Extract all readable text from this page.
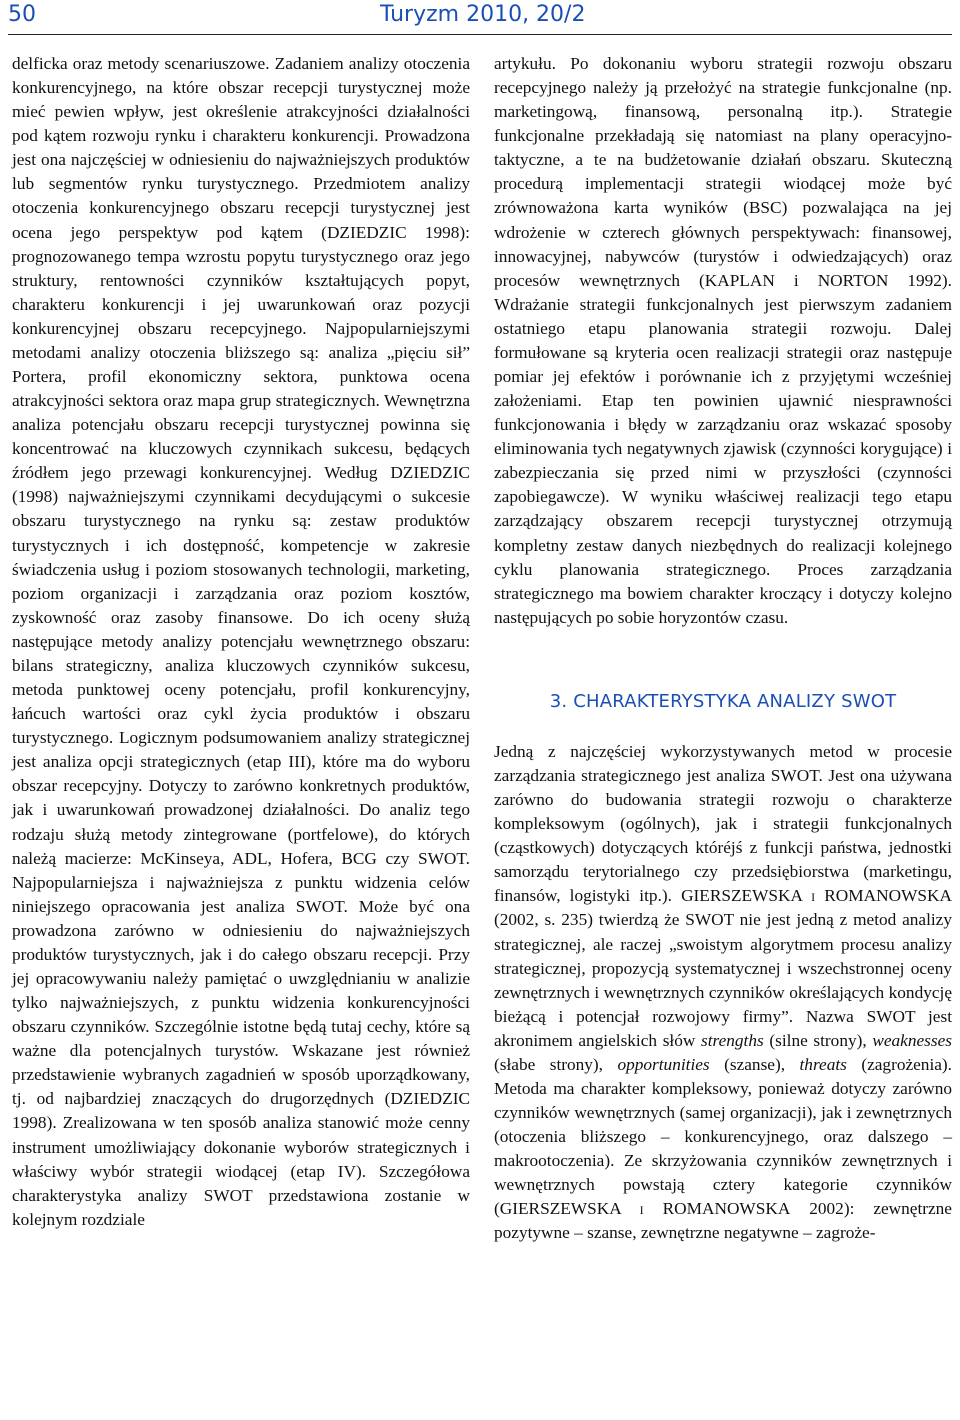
50	Turyzm 2010, 20/2

delficka oraz metody scenariuszowe. Zadaniem analizy otoczenia konkurencyjnego, na które obszar recepcji turystycznej może mieć pewien wpływ, jest określenie atrakcyjności działalności pod kątem rozwoju rynku i charakteru konkurencji. Prowadzona jest ona najczęściej w odniesieniu do najważniejszych produktów lub segmentów rynku turystycznego. Przedmiotem analizy otoczenia konkurencyjnego obszaru recepcji turystycznej jest ocena jego perspektyw pod kątem (DZIEDZIC 1998): prognozowanego tempa wzrostu popytu turystycznego oraz jego struktury, rentowności czynników kształtujących popyt, charakteru konkurencji i jej uwarunkowań oraz pozycji konkurencyjnej obszaru recepcyjnego. Najpopularniejszymi metodami analizy otoczenia bliższego są: analiza „pięciu sił” Portera, profil ekonomiczny sektora, punktowa ocena atrakcyjności sektora oraz mapa grup strategicznych. Wewnętrzna analiza potencjału obszaru recepcji turystycznej powinna się koncentrować na kluczowych czynnikach sukcesu, będących źródłem jego przewagi konkurencyjnej. Według DZIEDZIC (1998) najważniejszymi czynnikami decydującymi o sukcesie obszaru turystycznego na rynku są: zestaw produktów turystycznych i ich dostępność, kompetencje w zakresie świadczenia usług i poziom stosowanych technologii, marketing, poziom organizacji i zarządzania oraz poziom kosztów, zyskowność oraz zasoby finansowe. Do ich oceny służą następujące metody analizy potencjału wewnętrznego obszaru: bilans strategiczny, analiza kluczowych czynników sukcesu, metoda punktowej oceny potencjału, profil konkurencyjny, łańcuch wartości oraz cykl życia produktów i obszaru turystycznego. Logicznym podsumowaniem analizy strategicznej jest analiza opcji strategicznych (etap III), które ma do wyboru obszar recepcyjny. Dotyczy to zarówno konkretnych produktów, jak i uwarunkowań prowadzonej działalności. Do analiz tego rodzaju służą metody zintegrowane (portfelowe), do których należą macierze: McKinseya, ADL, Hofera, BCG czy SWOT. Najpopularniejsza i najważniejsza z punktu widzenia celów niniejszego opracowania jest analiza SWOT. Może być ona prowadzona zarówno w odniesieniu do najważniejszych produktów turystycznych, jak i do całego obszaru recepcji. Przy jej opracowywaniu należy pamiętać o uwzględnianiu w analizie tylko najważniejszych, z punktu widzenia konkurencyjności obszaru czynników. Szczególnie istotne będą tutaj cechy, które są ważne dla potencjalnych turystów. Wskazane jest również przedstawienie wybranych zagadnień w sposób uporządkowany, tj. od najbardziej znaczących do drugorzędnych (DZIEDZIC 1998). Zrealizowana w ten sposób analiza stanowić może cenny instrument umożliwiający dokonanie wyborów strategicznych i właściwy wybór strategii wiodącej (etap IV). Szczegółowa charakterystyka analizy SWOT przedstawiona zostanie w kolejnym rozdziale

artykułu. Po dokonaniu wyboru strategii rozwoju obszaru recepcyjnego należy ją przełożyć na strategie funkcjonalne (np. marketingową, finansową, personalną itp.). Strategie funkcjonalne przekładają się natomiast na plany operacyjno-taktyczne, a te na budżetowanie działań obszaru. Skuteczną procedurą implementacji strategii wiodącej może być zrównoważona karta wyników (BSC) pozwalająca na jej wdrożenie w czterech głównych perspektywach: finansowej, innowacyjnej, nabywców (turystów i odwiedzających) oraz procesów wewnętrznych (KAPLAN i NORTON 1992). Wdrażanie strategii funkcjonalnych jest pierwszym zadaniem ostatniego etapu planowania strategii rozwoju. Dalej formułowane są kryteria ocen realizacji strategii oraz następuje pomiar jej efektów i porównanie ich z przyjętymi wcześniej założeniami. Etap ten powinien ujawnić niesprawności funkcjonowania i błędy w zarządzaniu oraz wskazać sposoby eliminowania tych negatywnych zjawisk (czynności korygujące) i zabezpieczania się przed nimi w przyszłości (czynności zapobiegawcze). W wyniku właściwej realizacji tego etapu zarządzający obszarem recepcji turystycznej otrzymują kompletny zestaw danych niezbędnych do realizacji kolejnego cyklu planowania strategicznego. Proces zarządzania strategicznego ma bowiem charakter kroczący i dotyczy kolejno następujących po sobie horyzontów czasu.

3. CHARAKTERYSTYKA ANALIZY SWOT

Jedną z najczęściej wykorzystywanych metod w procesie zarządzania strategicznego jest analiza SWOT. Jest ona używana zarówno do budowania strategii rozwoju o charakterze kompleksowym (ogólnych), jak i strategii funkcjonalnych (cząstkowych) dotyczących któréjś z funkcji państwa, jednostki samorządu terytorialnego czy przedsiębiorstwa (marketingu, finansów, logistyki itp.). GIERSZEWSKA i ROMANOWSKA (2002, s. 235) twierdzą że SWOT nie jest jedną z metod analizy strategicznej, ale raczej „swoistym algorytmem procesu analizy strategicznej, propozycją systematycznej i wszechstronnej oceny zewnętrznych i wewnętrznych czynników określających kondycję bieżącą i potencjał rozwojowy firmy”. Nazwa SWOT jest akronimem angielskich słów strengths (silne strony), weaknesses (słabe strony), opportunities (szanse), threats (zagrożenia). Metoda ma charakter kompleksowy, ponieważ dotyczy zarówno czynników wewnętrznych (samej organizacji), jak i zewnętrznych (otoczenia bliższego – konkurencyjnego, oraz dalszego – makrootoczenia). Ze skrzyżowania czynników zewnętrznych i wewnętrznych powstają cztery kategorie czynników (GIERSZEWSKA i ROMANOWSKA 2002): zewnętrzne pozytywne – szanse, zewnętrzne negatywne – zagroże-
